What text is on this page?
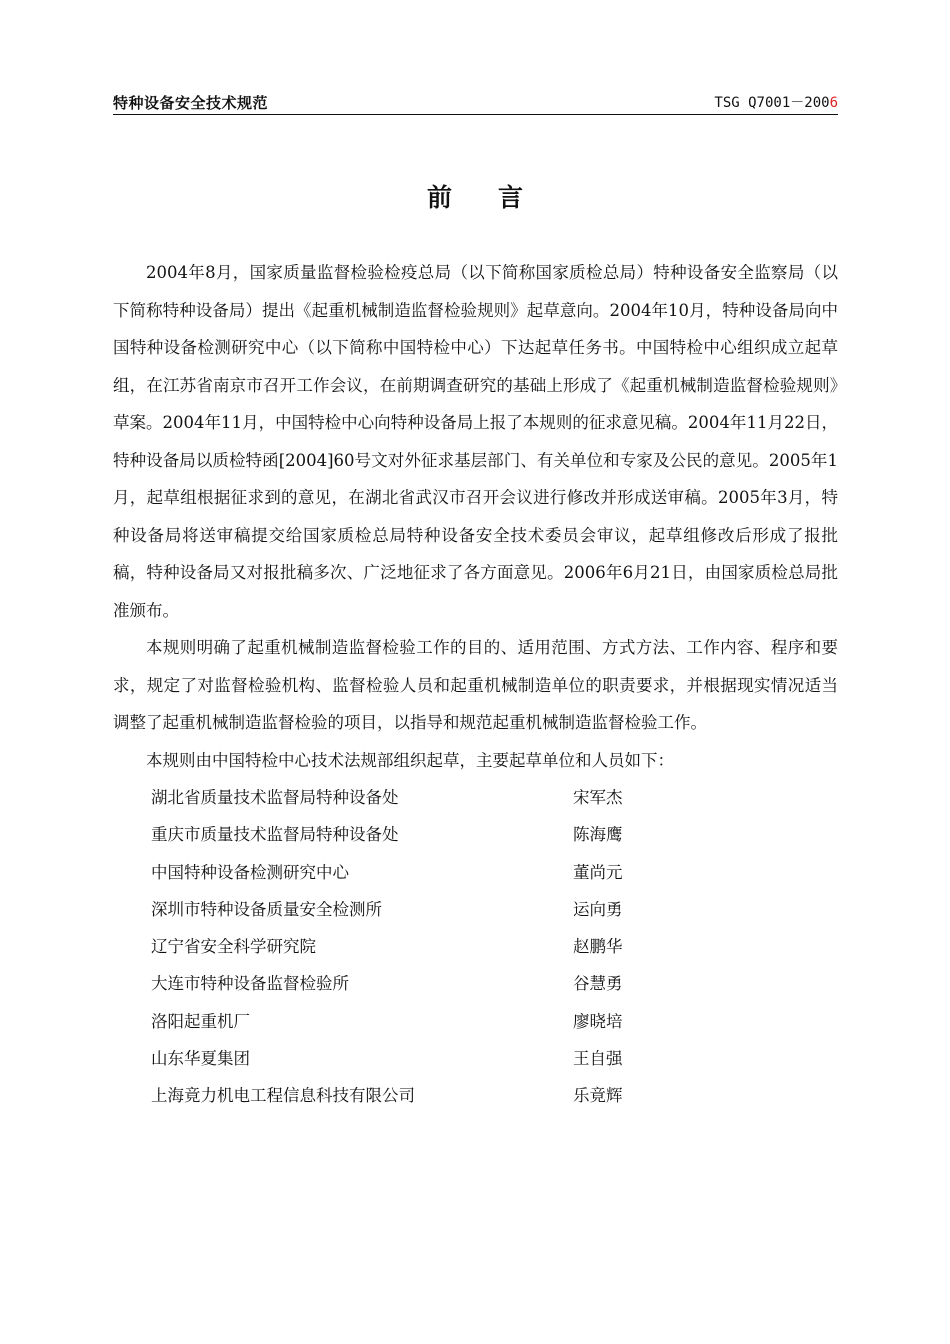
特种设备安全技术规范	TSG Q7001－2006
前言

2004年8月，国家质量监督检验检疫总局（以下简称国家质检总局）特种设备安全监察局（以下简称特种设备局）提出《起重机械制造监督检验规则》起草意向。2004年10月，特种设备局向中国特种设备检测研究中心（以下简称中国特检中心）下达起草任务书。中国特检中心组织成立起草组，在江苏省南京市召开工作会议，在前期调查研究的基础上形成了《起重机械制造监督检验规则》草案。2004年11月，中国特检中心向特种设备局上报了本规则的征求意见稿。2004年11月22日，特种设备局以质检特函[2004]60号文对外征求基层部门、有关单位和专家及公民的意见。2005年1月，起草组根据征求到的意见，在湖北省武汉市召开会议进行修改并形成送审稿。2005年3月，特种设备局将送审稿提交给国家质检总局特种设备安全技术委员会审议，起草组修改后形成了报批稿，特种设备局又对报批稿多次、广泛地征求了各方面意见。2006年6月21日，由国家质检总局批准颁布。

本规则明确了起重机械制造监督检验工作的目的、适用范围、方式方法、工作内容、程序和要求，规定了对监督检验机构、监督检验人员和起重机械制造单位的职责要求，并根据现实情况适当调整了起重机械制造监督检验的项目，以指导和规范起重机械制造监督检验工作。

本规则由中国特检中心技术法规部组织起草，主要起草单位和人员如下：

湖北省质量技术监督局特种设备处	宋军杰
重庆市质量技术监督局特种设备处	陈海鹰
中国特种设备检测研究中心	董尚元
深圳市特种设备质量安全检测所	运向勇
辽宁省安全科学研究院	赵鹏华
大连市特种设备监督检验所	谷慧勇
洛阳起重机厂	廖晓培
山东华夏集团	王自强
上海竟力机电工程信息科技有限公司	乐竟辉
